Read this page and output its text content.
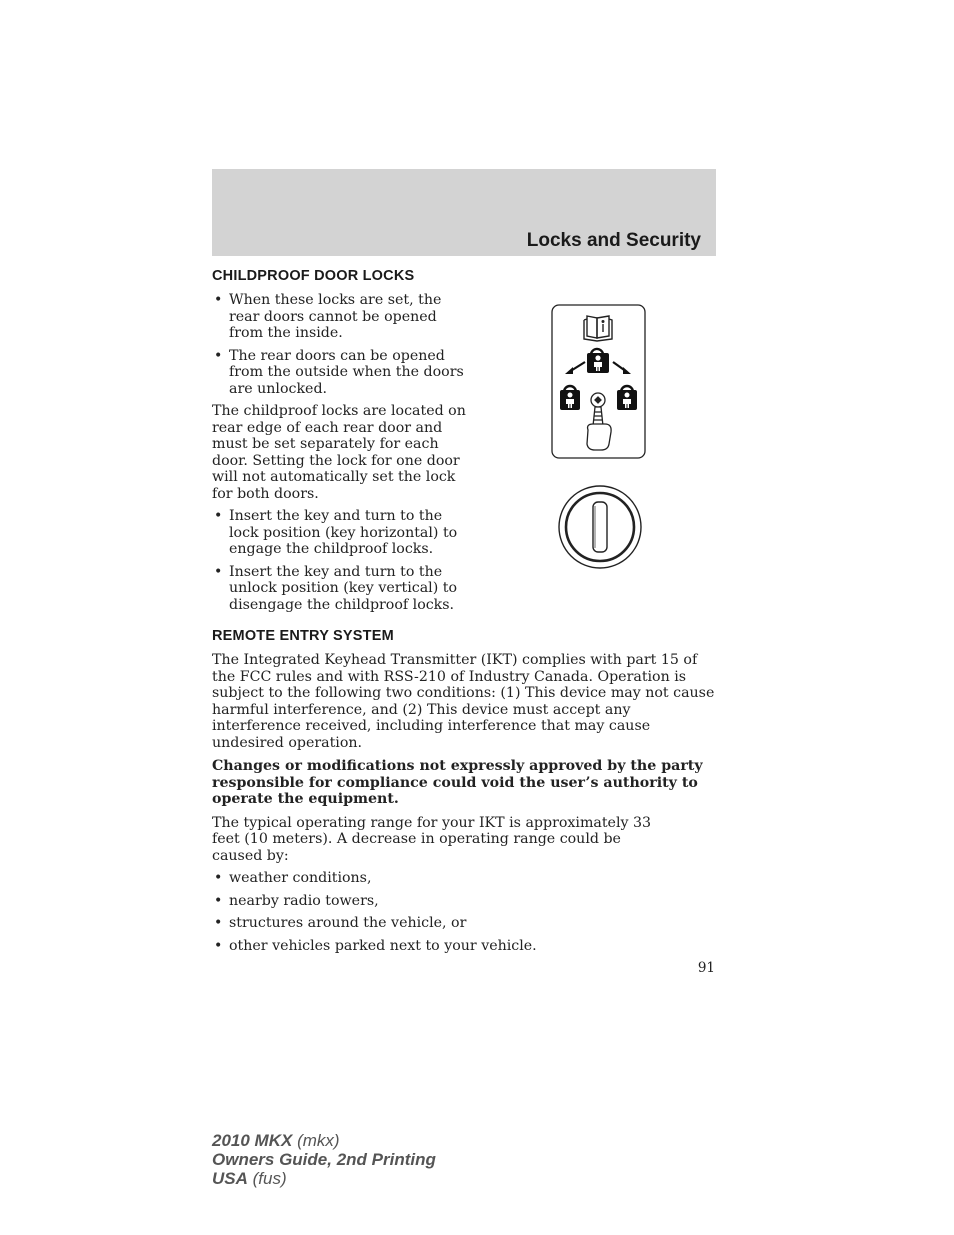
Locks and Security
CHILDPROOF DOOR LOCKS
• When these locks are set, the rear doors cannot be opened from the inside.
• The rear doors can be opened from the outside when the doors are unlocked.

The childproof locks are located on rear edge of each rear door and must be set separately for each door. Setting the lock for one door will not automatically set the lock for both doors.

• Insert the key and turn to the lock position (key horizontal) to engage the childproof locks.
• Insert the key and turn to the unlock position (key vertical) to disengage the childproof locks.
REMOTE ENTRY SYSTEM

The Integrated Keyhead Transmitter (IKT) complies with part 15 of the FCC rules and with RSS-210 of Industry Canada. Operation is subject to the following two conditions: (1) This device may not cause harmful interference, and (2) This device must accept any interference received, including interference that may cause undesired operation.

Changes or modifications not expressly approved by the party responsible for compliance could void the user’s authority to operate the equipment.

The typical operating range for your IKT is approximately 33 feet (10 meters). A decrease in operating range could be caused by:

• weather conditions,
• nearby radio towers,
• structures around the vehicle, or
• other vehicles parked next to your vehicle.
91
2010 MKX (mkx)
Owners Guide, 2nd Printing
USA (fus)
